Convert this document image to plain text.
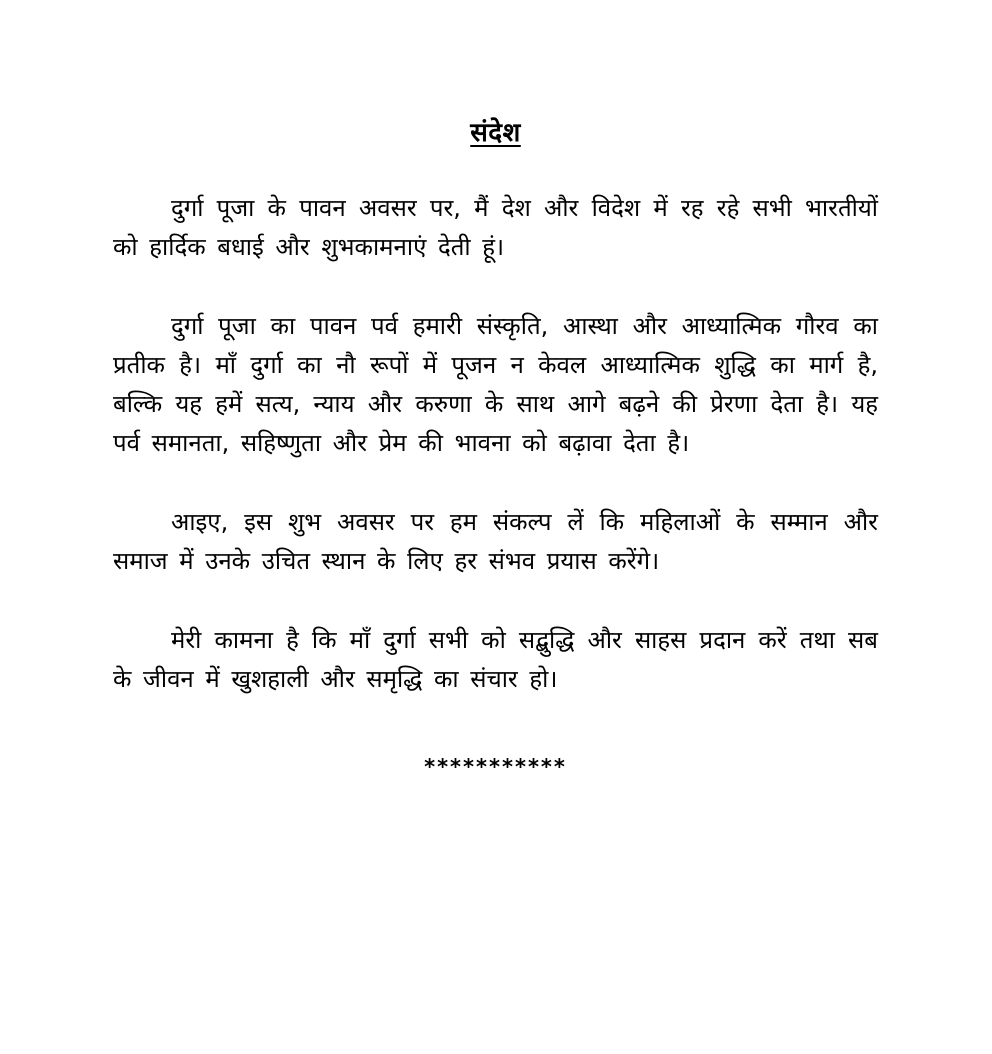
संदेश

दुर्गा पूजा के पावन अवसर पर, मैं देश और विदेश में रह रहे सभी भारतीयों को हार्दिक बधाई और शुभकामनाएं देती हूं।

दुर्गा पूजा का पावन पर्व हमारी संस्कृति, आस्था और आध्यात्मिक गौरव का प्रतीक है। माँ दुर्गा का नौ रूपों में पूजन न केवल आध्यात्मिक शुद्धि का मार्ग है, बल्कि यह हमें सत्य, न्याय और करुणा के साथ आगे बढ़ने की प्रेरणा देता है। यह पर्व समानता, सहिष्णुता और प्रेम की भावना को बढ़ावा देता है।

आइए, इस शुभ अवसर पर हम संकल्प लें कि महिलाओं के सम्मान और समाज में उनके उचित स्थान के लिए हर संभव प्रयास करेंगे।

मेरी कामना है कि माँ दुर्गा सभी को सद्बुद्धि और साहस प्रदान करें तथा सब के जीवन में खुशहाली और समृद्धि का संचार हो।

***********
